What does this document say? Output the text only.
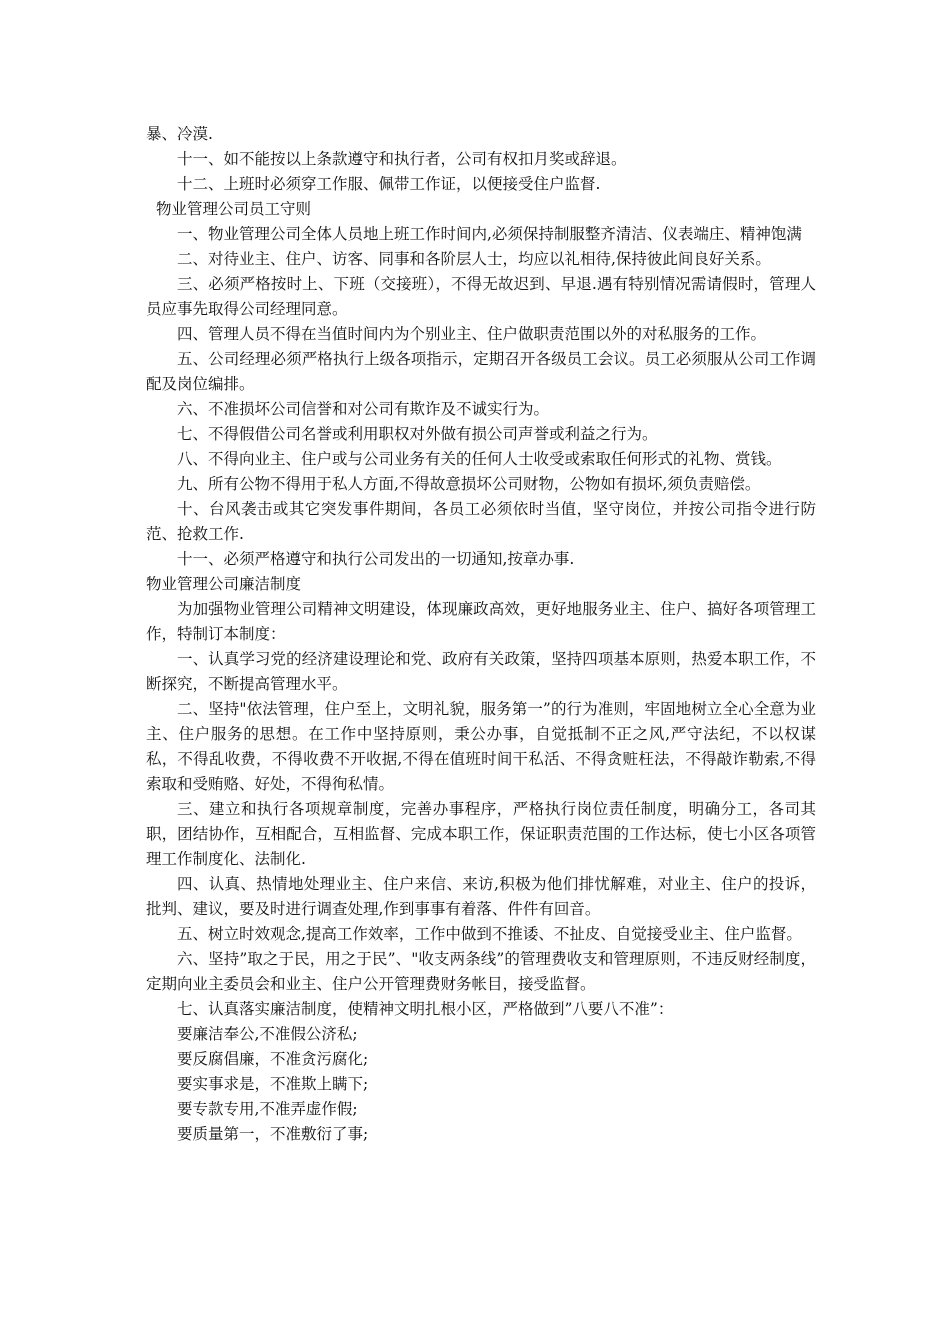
暴、冷漠.

十一、如不能按以上条款遵守和执行者，公司有权扣月奖或辞退。

十二、上班时必须穿工作服、佩带工作证，以便接受住户监督.

物业管理公司员工守则

一、物业管理公司全体人员地上班工作时间内,必须保持制服整齐清洁、仪表端庄、精神饱满

二、对待业主、住户、访客、同事和各阶层人士，均应以礼相待,保持彼此间良好关系。

三、必须严格按时上、下班（交接班），不得无故迟到、早退.遇有特别情况需请假时，管理人员应事先取得公司经理同意。

四、管理人员不得在当值时间内为个别业主、住户做职责范围以外的对私服务的工作。

五、公司经理必须严格执行上级各项指示，定期召开各级员工会议。员工必须服从公司工作调配及岗位编排。

六、不准损坏公司信誉和对公司有欺诈及不诚实行为。

七、不得假借公司名誉或利用职权对外做有损公司声誉或利益之行为。

八、不得向业主、住户或与公司业务有关的任何人士收受或索取任何形式的礼物、赏钱。

九、所有公物不得用于私人方面,不得故意损坏公司财物，公物如有损坏,须负责赔偿。

十、台风袭击或其它突发事件期间，各员工必须依时当值，坚守岗位，并按公司指令进行防范、抢救工作.

十一、必须严格遵守和执行公司发出的一切通知,按章办事.

物业管理公司廉洁制度

为加强物业管理公司精神文明建设，体现廉政高效，更好地服务业主、住户、搞好各项管理工作，特制订本制度：

一、认真学习党的经济建设理论和党、政府有关政策，坚持四项基本原则，热爱本职工作，不断探究，不断提高管理水平。

二、坚持"依法管理，住户至上，文明礼貌，服务第一”的行为准则，牢固地树立全心全意为业主、住户服务的思想。在工作中坚持原则，秉公办事，自觉抵制不正之风,严守法纪，不以权谋私，不得乱收费，不得收费不开收据,不得在值班时间干私活、不得贪赃枉法，不得敲诈勒索,不得索取和受贿赂、好处，不得徇私情。

三、建立和执行各项规章制度，完善办事程序，严格执行岗位责任制度，明确分工，各司其职，团结协作，互相配合，互相监督、完成本职工作，保证职责范围的工作达标，使七小区各项管理工作制度化、法制化.

四、认真、热情地处理业主、住户来信、来访,积极为他们排忧解难，对业主、住户的投诉，批判、建议，要及时进行调查处理,作到事事有着落、件件有回音。

五、树立时效观念,提高工作效率，工作中做到不推诿、不扯皮、自觉接受业主、住户监督。

六、坚持”取之于民，用之于民”、"收支两条线”的管理费收支和管理原则，不违反财经制度，定期向业主委员会和业主、住户公开管理费财务帐目，接受监督。

七、认真落实廉洁制度，使精神文明扎根小区，严格做到”八要八不准”：

要廉洁奉公,不准假公济私;

要反腐倡廉，不准贪污腐化;

要实事求是，不准欺上瞒下;

要专款专用,不准弄虚作假;

要质量第一，不准敷衍了事;
